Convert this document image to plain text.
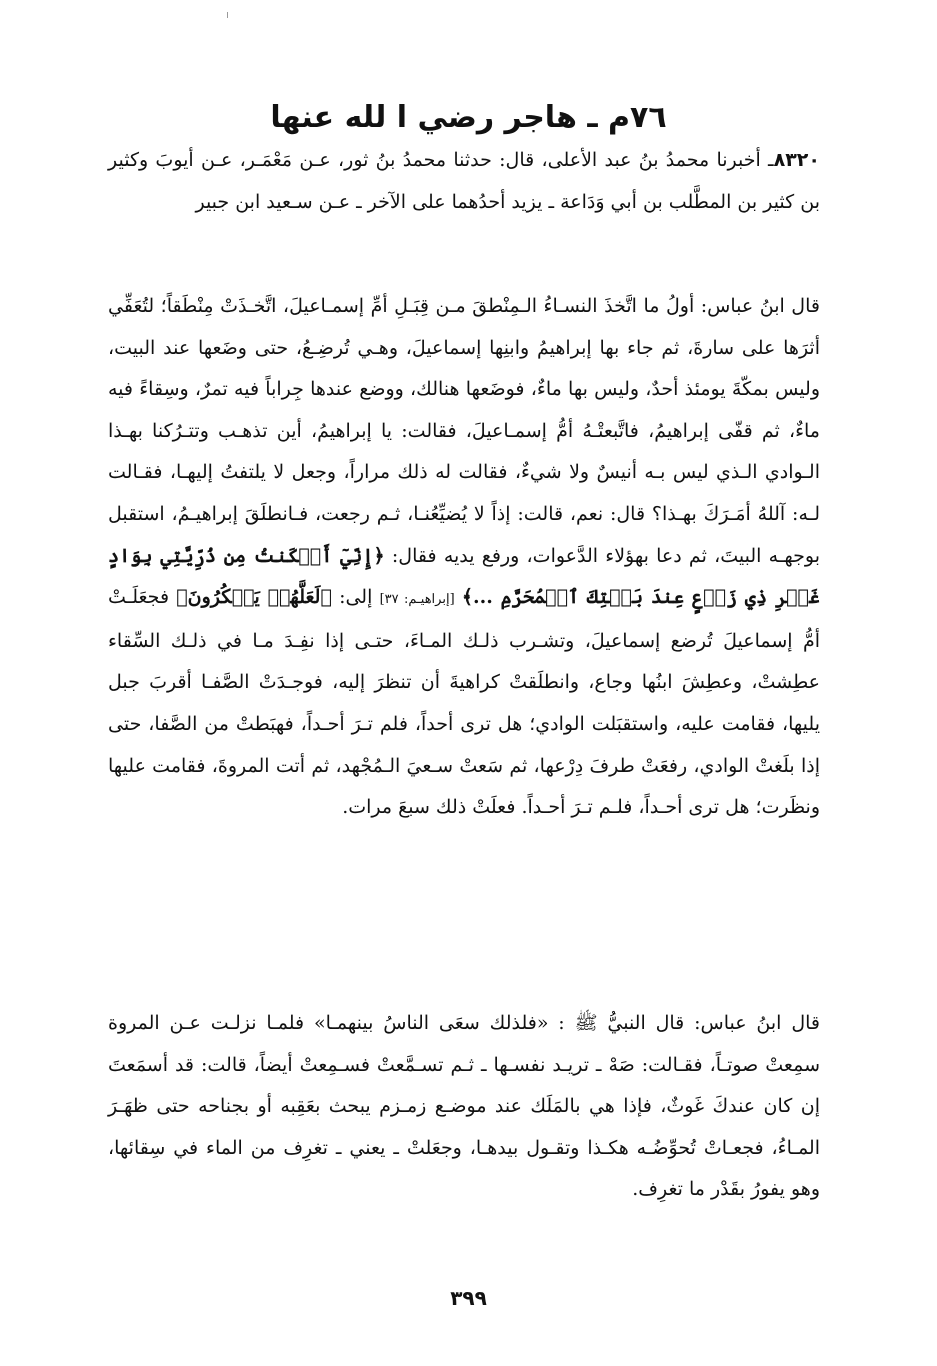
٧٦م ـ هاجر رضي ا لله عنها

٨٣٢٠ـ أخبرنا محمدُ بنُ عبد الأعلى، قال: حدثنا محمدُ بنُ ثور، عـن مَعْمَـر، عـن أيوبَ وكثير بن كثير بن المطَّلب بن أبي وَدَاعة ـ يزيد أحدُهما على الآخر ـ عـن سـعيد ابن جبير

قال ابنُ عباس: أولُ ما اتَّخذَ النسـاءُ الـمِنْطقَ مـن قِبَـلِ أمِّ إسمـاعيلَ، اتَّخـذَتْ مِنْطَقاً؛ لتُعَفِّي أثرَها على سارةَ، ثم جاء بها إبراهيمُ وابنِها إسماعيلَ، وهـي تُرضِـعُ، حتى وضَعها عند البيت، وليس بمكّةَ يومئذ أحدٌ، وليس بها ماءٌ، فوضَعها هنالك، ووضع عندها جِراباً فيه تمرٌ، وسِقاءً فيه ماءٌ، ثم قفّى إبراهيمُ، فاتَّبعتْـهُ أمُّ إسمـاعيلَ، فقالت: يا إبراهيمُ، أين تذهـب وتتـرُكنا بهـذا الـوادي الـذي ليس بـه أنيسٌ ولا شيءٌ، فقالت له ذلك مراراً، وجعل لا يلتفتُ إليهـا، فقـالت لـه: آللهُ أمَـرَكَ بهـذا؟ قال: نعم، قالت: إذاً لا يُضيِّعُنـا، ثـم رجعت، فـانطلَقَ إبراهيـمُ، استقبل بوجهـه البيتَ، ثم دعا بهؤلاء الدَّعوات، ورفع يديه فقال: ﴿إِنِّيٓ أَسۡكَنتُ مِن ذُرِّيَّتِي بِوَادٍ غَيۡرِ ذِي زَرۡعٍ عِندَ بَيۡتِكَ ٱلۡمُحَرَّمِ ...﴾ [إبراهيـم: ٣٧] إلى: ﴿لَعَلَّهُمۡ يَشۡكُرُونَ﴾ فجعَلَـتْ أمُّ إسماعيلَ تُرضع إسماعيلَ، وتشـرب ذلـك المـاءَ، حتـى إذا نفِـدَ مـا في ذلـك السِّقاء عطِشتْ، وعطِشَ ابنُها وجاع، وانطلَقتْ كراهيةَ أن تنظرَ إليه، فوجـدَتْ الصَّفـا أقربَ جبل يليها، فقامت عليه، واستقبَلت الوادي؛ هل ترى أحداً، فلم تـرَ أحـداً، فهبَطتْ من الصَّفا، حتى إذا بلَغتْ الوادي، رفعَتْ طرفَ دِرْعها، ثم سَعتْ سـعيَ الـمُجْهد، ثم أتت المروةَ، فقامت عليها ونظَرت؛ هل ترى أحـداً، فلـم تـرَ أحـداً. فعلَتْ ذلك سبعَ مرات.

قال ابنُ عباس: قال النبيُّ ﷺ : «فلذلك سعَى الناسُ بينهمـا» فلمـا نزلـت عـن المروة سمِعتْ صوتـاً، فقـالت: صَهْ ـ تريـد نفسـها ـ ثـم تسـمَّعتْ فسـمِعتْ أيضاً، قالت: قد أسمَعتَ إن كان عندكَ غَوثٌ، فإذا هي بالمَلَك عند موضـع زمـزم يبحث بعَقِبه أو بجناحه حتى ظهَـرَ المـاءُ، فجعـاتْ تُحوِّضُـه هكـذا وتقـول بيدهـا، وجعَلتْ ـ يعني ـ تغرِف من الماء في سِقائها، وهو يفورُ بقَدْر ما تغرِف.

٣٩٩
